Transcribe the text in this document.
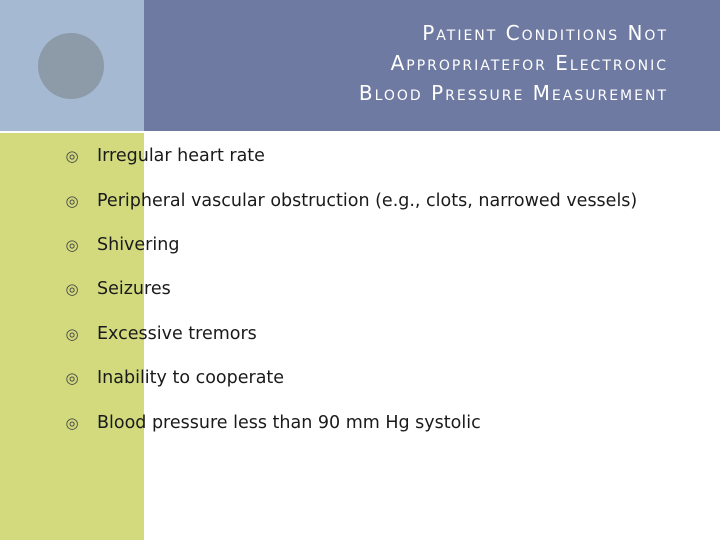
Patient Conditions Not
Appropriatefor Electronic
Blood Pressure Measurement
◎	Irregular heart rate
◎	Peripheral vascular obstruction (e.g., clots, narrowed vessels)
◎	Shivering
◎	Seizures
◎	Excessive tremors
◎	Inability to cooperate
◎	Blood pressure less than 90 mm Hg systolic
